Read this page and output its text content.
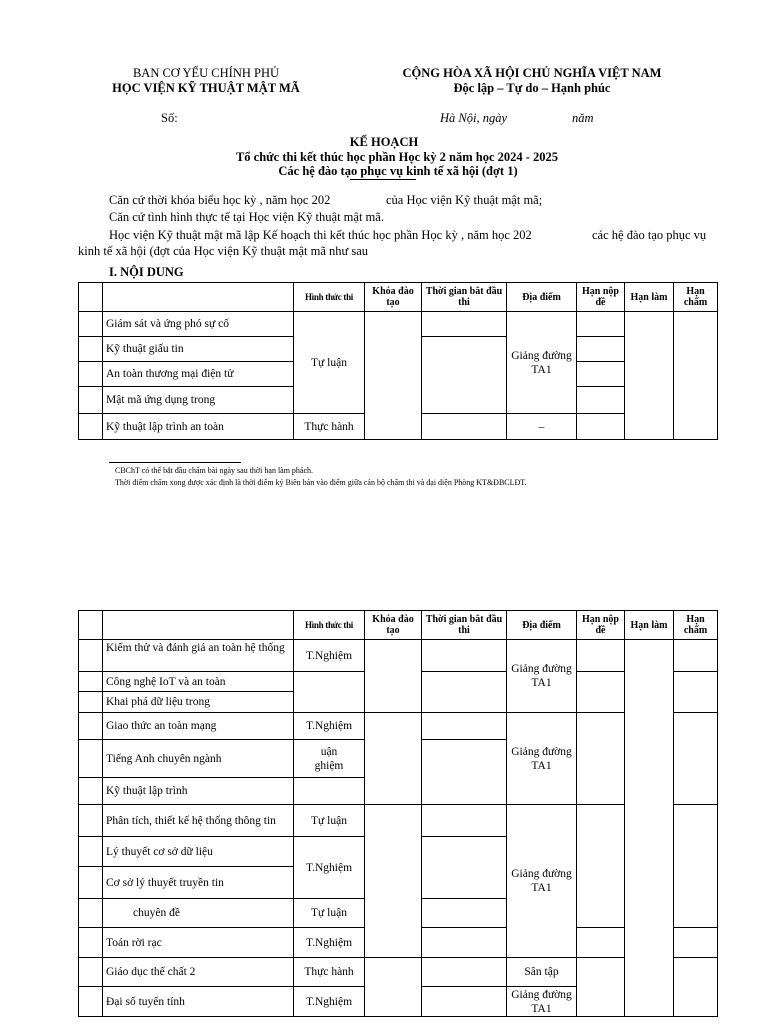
BAN CƠ YẾU CHÍNH PHỦ
HỌC VIỆN KỸ THUẬT MẬT MÃ
CỘNG HÒA XÃ HỘI CHỦ NGHĨA VIỆT NAM
Độc lập – Tự do – Hạnh phúc
Số:	Hà Nội, ngày	năm
KẾ HOẠCH
Tổ chức thi kết thúc học phần Học kỳ 2 năm học 2024 - 2025
Các hệ đào tạo phục vụ kinh tế xã hội (đợt 1)
Căn cứ thời khóa biểu học kỳ , năm học 202	của Học viện Kỹ thuật mật mã;
Căn cứ tình hình thực tế tại Học viện Kỹ thuật mật mã.
Học viện Kỹ thuật mật mã lập Kế hoạch thi kết thúc học phần Học kỳ , năm học 202	các hệ đào tạo phục vụ
kinh tế xã hội (đợt của Học viện Kỹ thuật mật mã như sau
I. NỘI DUNG
		Hình thức thi	Khóa đào tạo	Thời gian bắt đầu thi	Địa điểm	Hạn nộp đề	Hạn làm	Hạn chấm
	Giám sát và ứng phó sự cố	Tự luận			Giảng đường TA1			
	Kỹ thuật giấu tin							
	An toàn thương mại điện tử							
	Mật mã ứng dụng trong							
	Kỹ thuật lập trình an toàn	Thực hành			–			
CBChT có thể bắt đầu chấm bài ngày sau thời hạn làm phách.
Thời điểm chấm xong được xác định là thời điểm ký Biên bản vào điểm giữa cán bộ chấm thi và đại diện Phòng KT&ĐBCLĐT.
		Hình thức thi	Khóa đào tạo	Thời gian bắt đầu thi	Địa điểm	Hạn nộp đề	Hạn làm	Hạn chấm
	Kiểm thử và đánh giá an toàn hệ thống	T.Nghiệm			Giảng đường TA1			
	Công nghệ IoT và an toàn							
	Khai phá dữ liệu trong							
	Giao thức an toàn mạng	T.Nghiệm			Giảng đường TA1			
	Tiếng Anh chuyên ngành	uận ghiệm						
	Kỹ thuật lập trình							
	Phân tích, thiết kế hệ thống thông tin	Tự luận			Giảng đường TA1			
	Lý thuyết cơ sở dữ liệu	T.Nghiệm						
	Cơ sở lý thuyết truyền tin							
	chuyên đề	Tự luận						
	Toán rời rạc	T.Nghiệm						
	Giáo dục thể chất 2	Thực hành			Sân tập			
	Đại số tuyến tính	T.Nghiệm			Giảng đường TA1			
